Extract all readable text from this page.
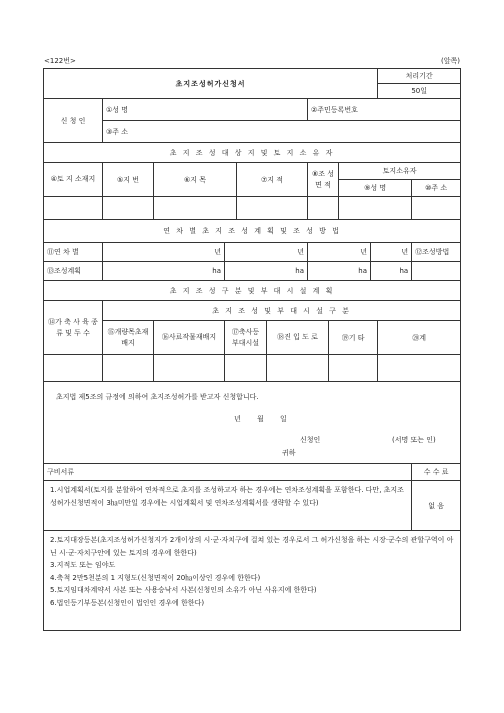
<122번>	(앞쪽)
초지조성허가신청서										처리기간	
										50일	
신 청 인	①성 명					②주민등록번호					
	③주 소										
초 지 조 성 대 상 지 및 토 지 소 유 자											
④토 지 소재지	⑤지 번	⑥지 목		⑦지 적		⑧조 성 면 적		토지소유자			
								⑨성 명			⑩주 소

연 차 별 초 지 조 성 계 획 및 조 성 방 법											
⑪연 차 별	년		년			년			년		⑫조성방법
⑬조성계획	ha		ha			ha			ha		
초 지 조 성 구 분 및 부 대 시 설 계 획											
⑭가 축 사 육 종 류 및 두 수	초 지 조 성 및 부 대 시 설 구 분										
	⑮개량목초재배지	⑯사료작물재배지	⑰축사등 부대시설		⑱진 입 도 로		⑲기 타			⑳계	

초지법 제5조의 규정에 의하여 초지조성허가를 받고자 신청합니다.
년 월 일
신청인 (서명 또는 인)
귀하											

구비서류											수 수 료
1.시업계획서(토지를 분할하여 연차적으로 초지를 조성하고자 하는 경우에는 연차조성계획을 포함한다. 다만, 초지조성허가신청면적이 3㏊미만일 경우에는 시업계획서 및 연차조성계획서를 생략할 수 있다)											없 음

2.토지대장등본(초지조성허가신청지가 2개이상의 시·군·자치구에 걸쳐 있는 경우로서 그 허가신청을 하는 시장·군수의 관할구역이 아닌 시·군·자치구안에 있는 토지의 경우에 한한다)
3.지적도 또는 임야도
4.축척 2만5천분의 1 지형도(신청면적이 20㏊이상인 경우에 한한다)
5.토지임대차계약서 사본 또는 사용승낙서 사본(신청인의 소유가 아닌 사유지에 한한다)
6.법인등기부등본(신청인이 법인인 경우에 한한다)											
